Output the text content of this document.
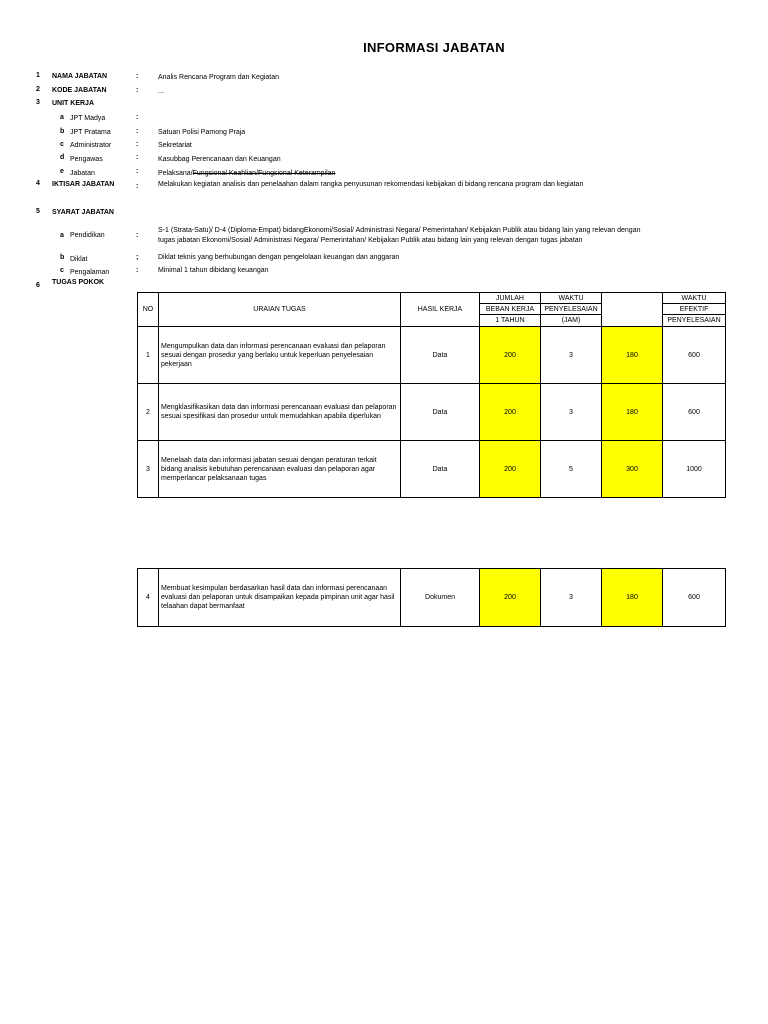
INFORMASI JABATAN
1 NAMA JABATAN	:	Analis Rencana Program dan Kegiatan
2 KODE JABATAN	:	...
3 UNIT KERJA
a JPT Madya	:
b JPT Pratama	:	Satuan Polisi Pamong Praja
c Administrator	:	Sekretariat
d Pengawas	:	Kasubbag Perencanaan dan Keuangan
e Jabatan	:	Pelaksana/Fungsional Keahlian/Fungsional Keterampilan
4 IKTISAR JABATAN	:	Melakukan kegiatan analisis dan penelaahan dalam rangka penyusunan rekomendasi kebijakan di bidang rencana program dan kegiatan
5 SYARAT JABATAN
a Pendidikan	:
S-1 (Strata-Satu)/ D-4 (Diploma-Empat) bidangEkonomi/Sosial/ Administrasi Negara/ Pemerintahan/ Kebijakan Publik atau bidang lain yang relevan dengan
tugas jabatan Ekonomi/Sosial/ Administrasi Negara/ Pemerintahan/ Kebijakan Publik atau bidang lain yang relevan dengan tugas jabatan
b Diklat	;	Diklat teknis yang berhubungan dengan pengelolaan keuangan dan anggaran
c Pengalaman	:	Minimal 1 tahun dibidang keuangan
6 TUGAS POKOK
NO	URAIAN TUGAS	HASIL KERJA	JUMLAH	WAKTU		WAKTU
			BEBAN KERJA	PENYELESAIAN		EFEKTIF
			1 TAHUN	(JAM)		PENYELESAIAN
1	Mengumpulkan data dan informasi perencanaan evaluasi dan pelaporan sesuai dengan prosedur yang berlaku untuk keperluan penyelesaian pekerjaan	Data	200	3	180	600
2	Mengklasifikasikan data dan informasi perencanaan evaluasi dan pelaporan sesuai spesifikasi dan prosedur untuk memudahkan apabila diperlukan	Data	200	3	180	600
3	Menelaah data dan informasi jabatan sesuai dengan peraturan terkait bidang analisis kebutuhan perencanaan evaluasi dan pelaporan agar memperlancar pelaksanaan tugas	Data	200	5	300	1000
4	Membuat kesimpulan berdasarkan hasil data dan informasi perencanaan evaluasi dan pelaporan untuk disampaikan kepada pimpinan unit agar hasil telaahan dapat bermanfaat	Dokumen	200	3	180	600
